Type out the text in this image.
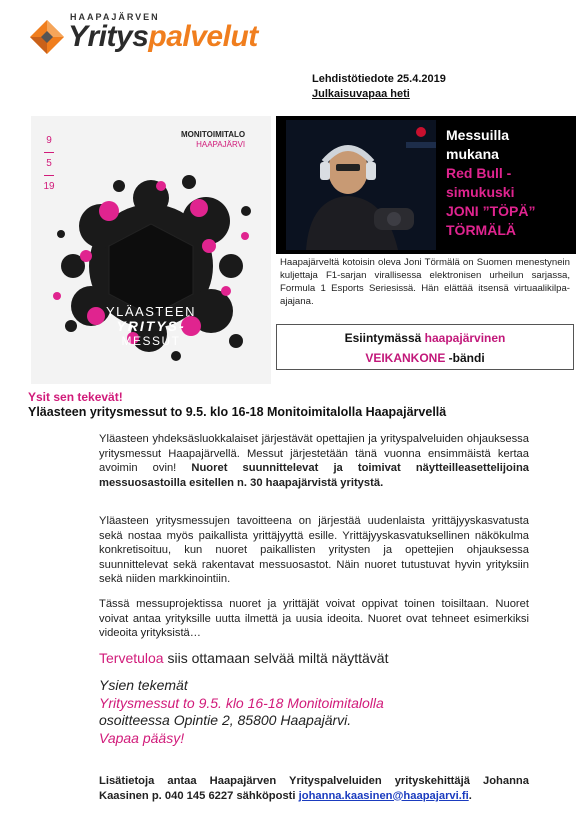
HAAPAJÄRVEN
Yrityspalvelut
Lehdistötiedote 25.4.2019
Julkaisuvapaa heti
9
5
19
MONITOIMITALO
HAAPAJÄRVI
YLÄASTEEN
YRITYS-
MESSUT
Messuilla
mukana
Red Bull -
simukuski
JONI ”TÖPÄ”
TÖRMÄLÄ
Haapajärveltä kotoisin oleva Joni Törmälä on Suomen menestynein kuljettaja F1-sarjan virallisessa elektronisen urheilun sarjassa, Formula 1 Esports Seriesissä. Hän elättää itsensä virtuaalikilpa-ajajana.
Esiintymässä haapajärvinen
VEIKANKONE -bändi
Ysit sen tekevät!
Yläasteen yritysmessut to 9.5. klo 16-18 Monitoimitalolla Haapajärvellä
Yläasteen yhdeksäsluokkalaiset järjestävät opettajien ja yrityspalveluiden ohjauksessa yritysmessut Haapajärvellä. Messut järjestetään tänä vuonna ensimmäistä kertaa avoimin ovin! Nuoret suunnittelevat ja toimivat näytteilleasettelijoina messuosastoilla esitellen n. 30 haapajärvistä yritystä.
Yläasteen yritysmessujen tavoitteena on järjestää uudenlaista yrittäjyyskasvatusta sekä nostaa myös paikallista yrittäjyyttä esille. Yrittäjyyskasvatuksellinen näkökulma konkretisoituu, kun nuoret paikallisten yritysten ja opettejien ohjauksessa suunnittelevat sekä rakentavat messuosastot. Näin nuoret tutustuvat hyvin yrityksiin sekä niiden markkinointiin.
Tässä messuprojektissa nuoret ja yrittäjät voivat oppivat toinen toisiltaan. Nuoret voivat antaa yrityksille uutta ilmettä ja uusia ideoita. Nuoret ovat tehneet esimerkiksi videoita yrityksistä…
Tervetuloa siis ottamaan selvää miltä näyttävät
Ysien tekemät
Yritysmessut to 9.5. klo 16-18 Monitoimitalolla
osoitteessa Opintie 2, 85800 Haapajärvi.
Vapaa pääsy!
Lisätietoja antaa Haapajärven Yrityspalveluiden yrityskehittäjä Johanna Kaasinen p. 040 145 6227 sähköposti johanna.kaasinen@haapajarvi.fi.
